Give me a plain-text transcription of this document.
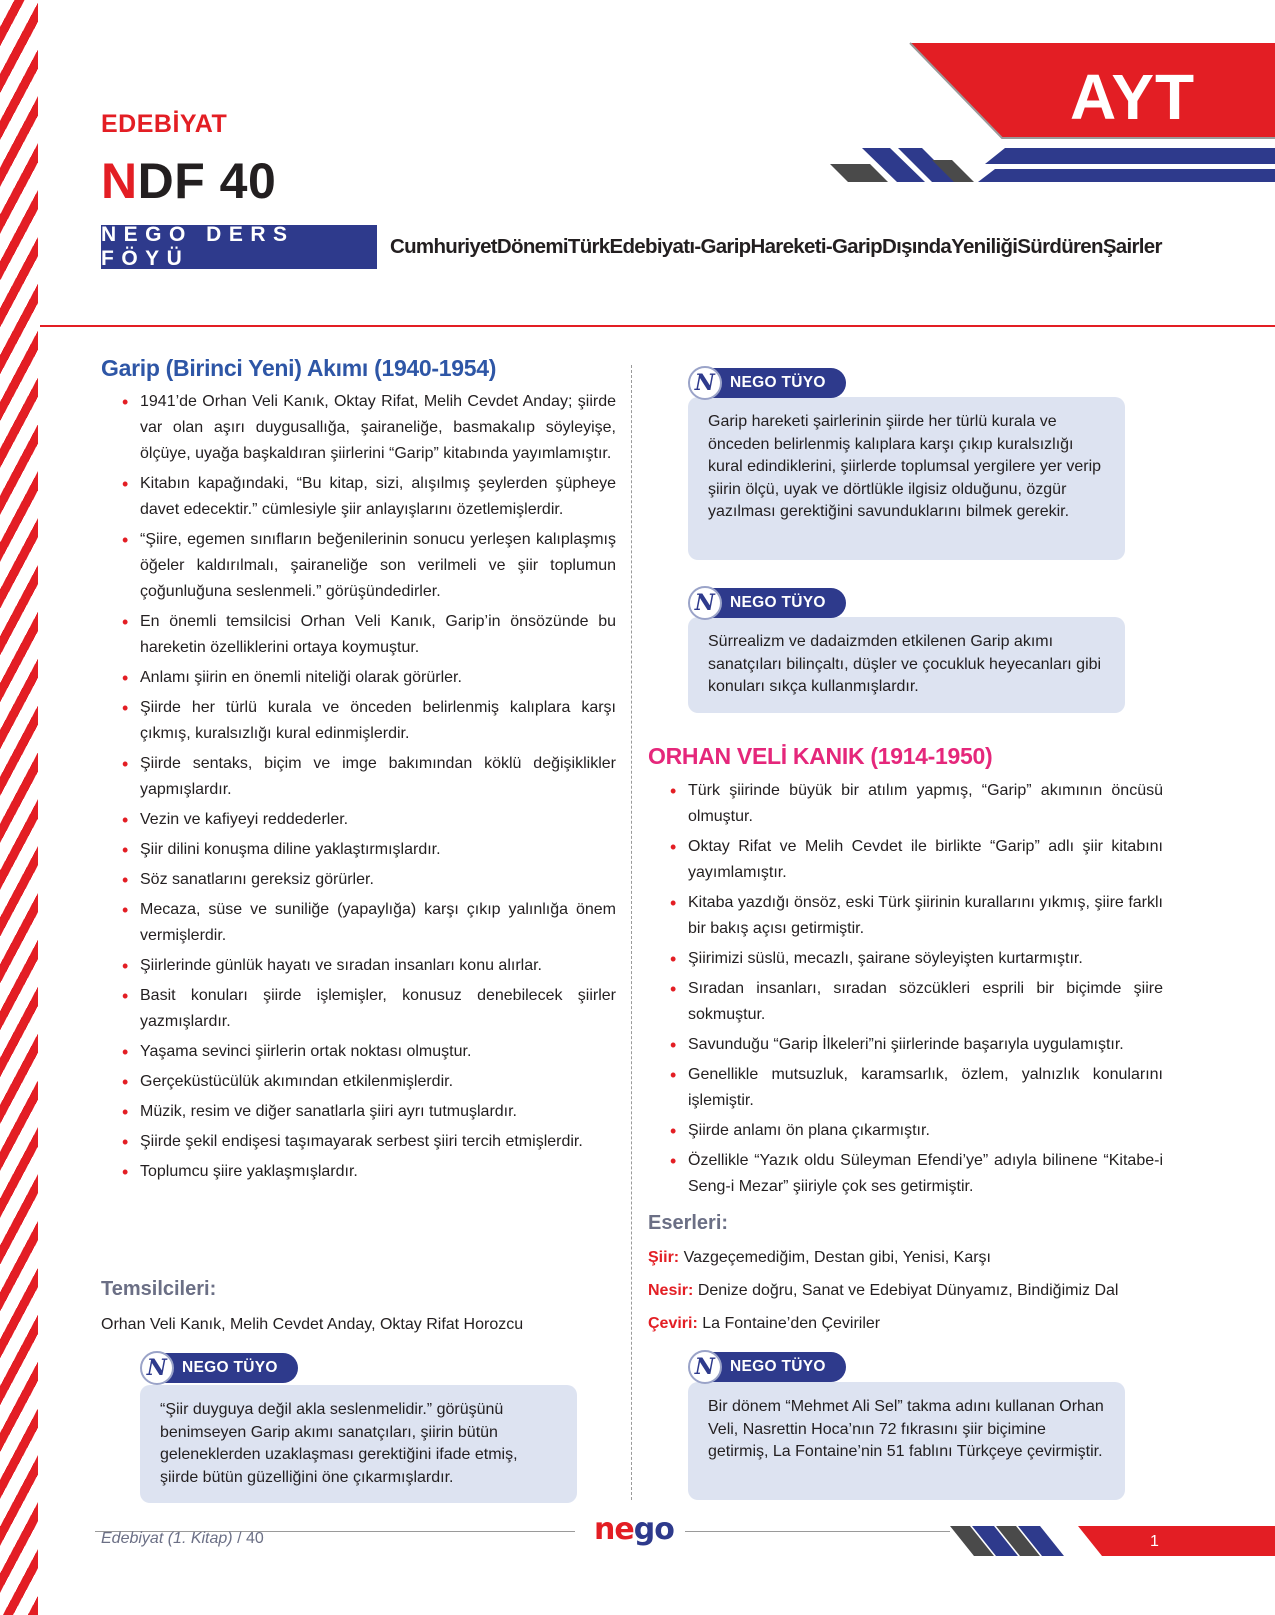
EDEBİYAT
NDF 40
NEGO DERS FÖYÜ
CumhuriyetDönemiTürkEdebiyatı-GaripHareketi-GaripDışındaYeniliğiSürdürenŞairler
AYT
Garip (Birinci Yeni) Akımı (1940-1954)
• 1941’de Orhan Veli Kanık, Oktay Rifat, Melih Cevdet Anday; şiirde var olan aşırı duygusallığa, şairaneliğe, basmakalıp söyleyişe, ölçüye, uyağa başkaldıran şiirlerini “Garip” kitabında yayımlamıştır.
• Kitabın kapağındaki, “Bu kitap, sizi, alışılmış şeylerden şüpheye davet edecektir.” cümlesiyle şiir anlayışlarını özetlemişlerdir.
• “Şiire, egemen sınıfların beğenilerinin sonucu yerleşen kalıplaşmış öğeler kaldırılmalı, şairaneliğe son verilmeli ve şiir toplumun çoğunluğuna seslenmeli.” görüşündedirler.
• En önemli temsilcisi Orhan Veli Kanık, Garip’in önsözünde bu hareketin özelliklerini ortaya koymuştur.
• Anlamı şiirin en önemli niteliği olarak görürler.
• Şiirde her türlü kurala ve önceden belirlenmiş kalıplara karşı çıkmış, kuralsızlığı kural edinmişlerdir.
• Şiirde sentaks, biçim ve imge bakımından köklü değişiklikler yapmışlardır.
• Vezin ve kafiyeyi reddederler.
• Şiir dilini konuşma diline yaklaştırmışlardır.
• Söz sanatlarını gereksiz görürler.
• Mecaza, süse ve suniliğe (yapaylığa) karşı çıkıp yalınlığa önem vermişlerdir.
• Şiirlerinde günlük hayatı ve sıradan insanları konu alırlar.
• Basit konuları şiirde işlemişler, konusuz denebilecek şiirler yazmışlardır.
• Yaşama sevinci şiirlerin ortak noktası olmuştur.
• Gerçeküstücülük akımından etkilenmişlerdir.
• Müzik, resim ve diğer sanatlarla şiiri ayrı tutmuşlardır.
• Şiirde şekil endişesi taşımayarak serbest şiiri tercih etmişlerdir.
• Toplumcu şiire yaklaşmışlardır.
Temsilcileri:
Orhan Veli Kanık, Melih Cevdet Anday, Oktay Rifat Horozcu
“Şiir duyguya değil akla seslenmelidir.” görüşünü benimseyen Garip akımı sanatçıları, şiirin bütün geleneklerden uzaklaşması gerektiğini ifade etmiş, şiirde bütün güzelliğini öne çıkarmışlardır.
N NEGO TÜYO
Garip hareketi şairlerinin şiirde her türlü kurala ve önceden belirlenmiş kalıplara karşı çıkıp kuralsızlığı kural edindiklerini, şiirlerde toplumsal yergilere yer verip şiirin ölçü, uyak ve dörtlükle ilgisiz olduğunu, özgür yazılması gerektiğini savunduklarını bilmek gerekir.
N NEGO TÜYO
Sürrealizm ve dadaizmden etkilenen Garip akımı sanatçıları bilinçaltı, düşler ve çocukluk heyecanları gibi konuları sıkça kullanmışlardır.
N NEGO TÜYO
ORHAN VELİ KANIK (1914-1950)
• Türk şiirinde büyük bir atılım yapmış, “Garip” akımının öncüsü olmuştur.
• Oktay Rifat ve Melih Cevdet ile birlikte “Garip” adlı şiir kitabını yayımlamıştır.
• Kitaba yazdığı önsöz, eski Türk şiirinin kurallarını yıkmış, şiire farklı bir bakış açısı getirmiştir.
• Şiirimizi süslü, mecazlı, şairane söyleyişten kurtarmıştır.
• Sıradan insanları, sıradan sözcükleri esprili bir biçimde şiire sokmuştur.
• Savunduğu “Garip İlkeleri”ni şiirlerinde başarıyla uygulamıştır.
• Genellikle mutsuzluk, karamsarlık, özlem, yalnızlık konularını işlemiştir.
• Şiirde anlamı ön plana çıkarmıştır.
• Özellikle “Yazık oldu Süleyman Efendi’ye” adıyla bilinene “Kitabe-i Seng-i Mezar” şiiriyle çok ses getirmiştir.
Eserleri:
Şiir: Vazgeçemediğim, Destan gibi, Yenisi, Karşı
Nesir: Denize doğru, Sanat ve Edebiyat Dünyamız, Bindiğimiz Dal
Çeviri: La Fontaine’den Çeviriler
Bir dönem “Mehmet Ali Sel” takma adını kullanan Orhan Veli, Nasrettin Hoca’nın 72 fıkrasını şiir biçimine getirmiş, La Fontaine’nin 51 fablını Türkçeye çevirmiştir.
N NEGO TÜYO
Edebiyat (1. Kitap) / 40	nego	1
